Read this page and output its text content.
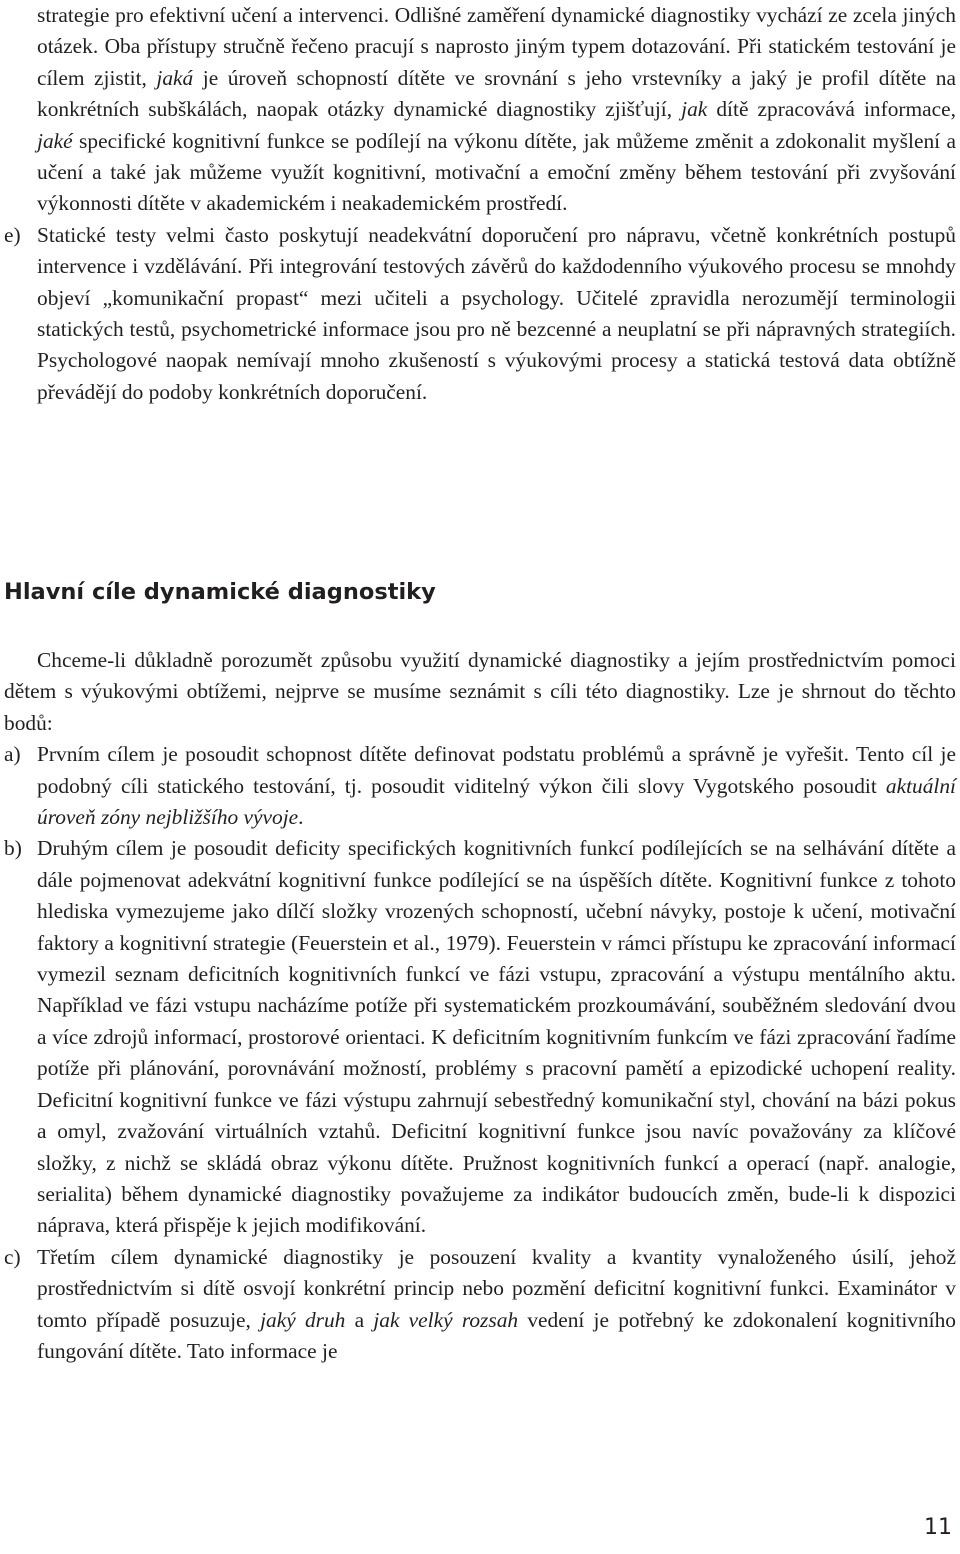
strategie pro efektivní učení a intervenci. Odlišné zaměření dynamické diagnostiky vychází ze zcela jiných otázek. Oba přístupy stručně řečeno pracují s naprosto jiným typem dotazování. Při statickém testování je cílem zjistit, jaká je úroveň schopností dítěte ve srovnání s jeho vrstevníky a jaký je profil dítěte na konkrétních subškálách, naopak otázky dynamické diagnostiky zjišťují, jak dítě zpracovává informace, jaké specifické kognitivní funkce se podílejí na výkonu dítěte, jak můžeme změnit a zdokonalit myšlení a učení a také jak můžeme využít kognitivní, motivační a emoční změny během testování při zvyšování výkonnosti dítěte v akademickém i neakademickém prostředí.

e) Statické testy velmi často poskytují neadekvátní doporučení pro nápravu, včetně konkrétních postupů intervence i vzdělávání. Při integrování testových závěrů do každodenního výukového procesu se mnohdy objeví „komunikační propast“ mezi učiteli a psychology. Učitelé zpravidla nerozumějí terminologii statických testů, psychometrické informace jsou pro ně bezcenné a neuplatní se při nápravných strategiích. Psychologové naopak nemívají mnoho zkušeností s výukovými procesy a statická testová data obtížně převádějí do podoby konkrétních doporučení.
Hlavní cíle dynamické diagnostiky

Chceme-li důkladně porozumět způsobu využití dynamické diagnostiky a jejím prostřednictvím pomoci dětem s výukovými obtížemi, nejprve se musíme seznámit s cíli této diagnostiky. Lze je shrnout do těchto bodů:

a) Prvním cílem je posoudit schopnost dítěte definovat podstatu problémů a správně je vyřešit. Tento cíl je podobný cíli statického testování, tj. posoudit viditelný výkon čili slovy Vygotského posoudit aktuální úroveň zóny nejbližšího vývoje.
b) Druhým cílem je posoudit deficity specifických kognitivních funkcí podílejících se na selhávání dítěte a dále pojmenovat adekvátní kognitivní funkce podílející se na úspěších dítěte. Kognitivní funkce z tohoto hlediska vymezujeme jako dílčí složky vrozených schopností, učební návyky, postoje k učení, motivační faktory a kognitivní strategie (Feuerstein et al., 1979). Feuerstein v rámci přístupu ke zpracování informací vymezil seznam deficitních kognitivních funkcí ve fázi vstupu, zpracování a výstupu mentálního aktu. Například ve fázi vstupu nacházíme potíže při systematickém prozkoumávání, souběžném sledování dvou a více zdrojů informací, prostorové orientaci. K deficitním kognitivním funkcím ve fázi zpracování řadíme potíže při plánování, porovnávání možností, problémy s pracovní pamětí a epizodické uchopení reality. Deficitní kognitivní funkce ve fázi výstupu zahrnují sebestředný komunikační styl, chování na bázi pokus a omyl, zvažování virtuálních vztahů. Deficitní kognitivní funkce jsou navíc považovány za klíčové složky, z nichž se skládá obraz výkonu dítěte. Pružnost kognitivních funkcí a operací (např. analogie, serialita) během dynamické diagnostiky považujeme za indikátor budoucích změn, bude-li k dispozici náprava, která přispěje k jejich modifikování.
c) Třetím cílem dynamické diagnostiky je posouzení kvality a kvantity vynaloženého úsilí, jehož prostřednictvím si dítě osvojí konkrétní princip nebo pozmění deficitní kognitivní funkci. Examinátor v tomto případě posuzuje, jaký druh a jak velký rozsah vedení je potřebný ke zdokonalení kognitivního fungování dítěte. Tato informace je
11
